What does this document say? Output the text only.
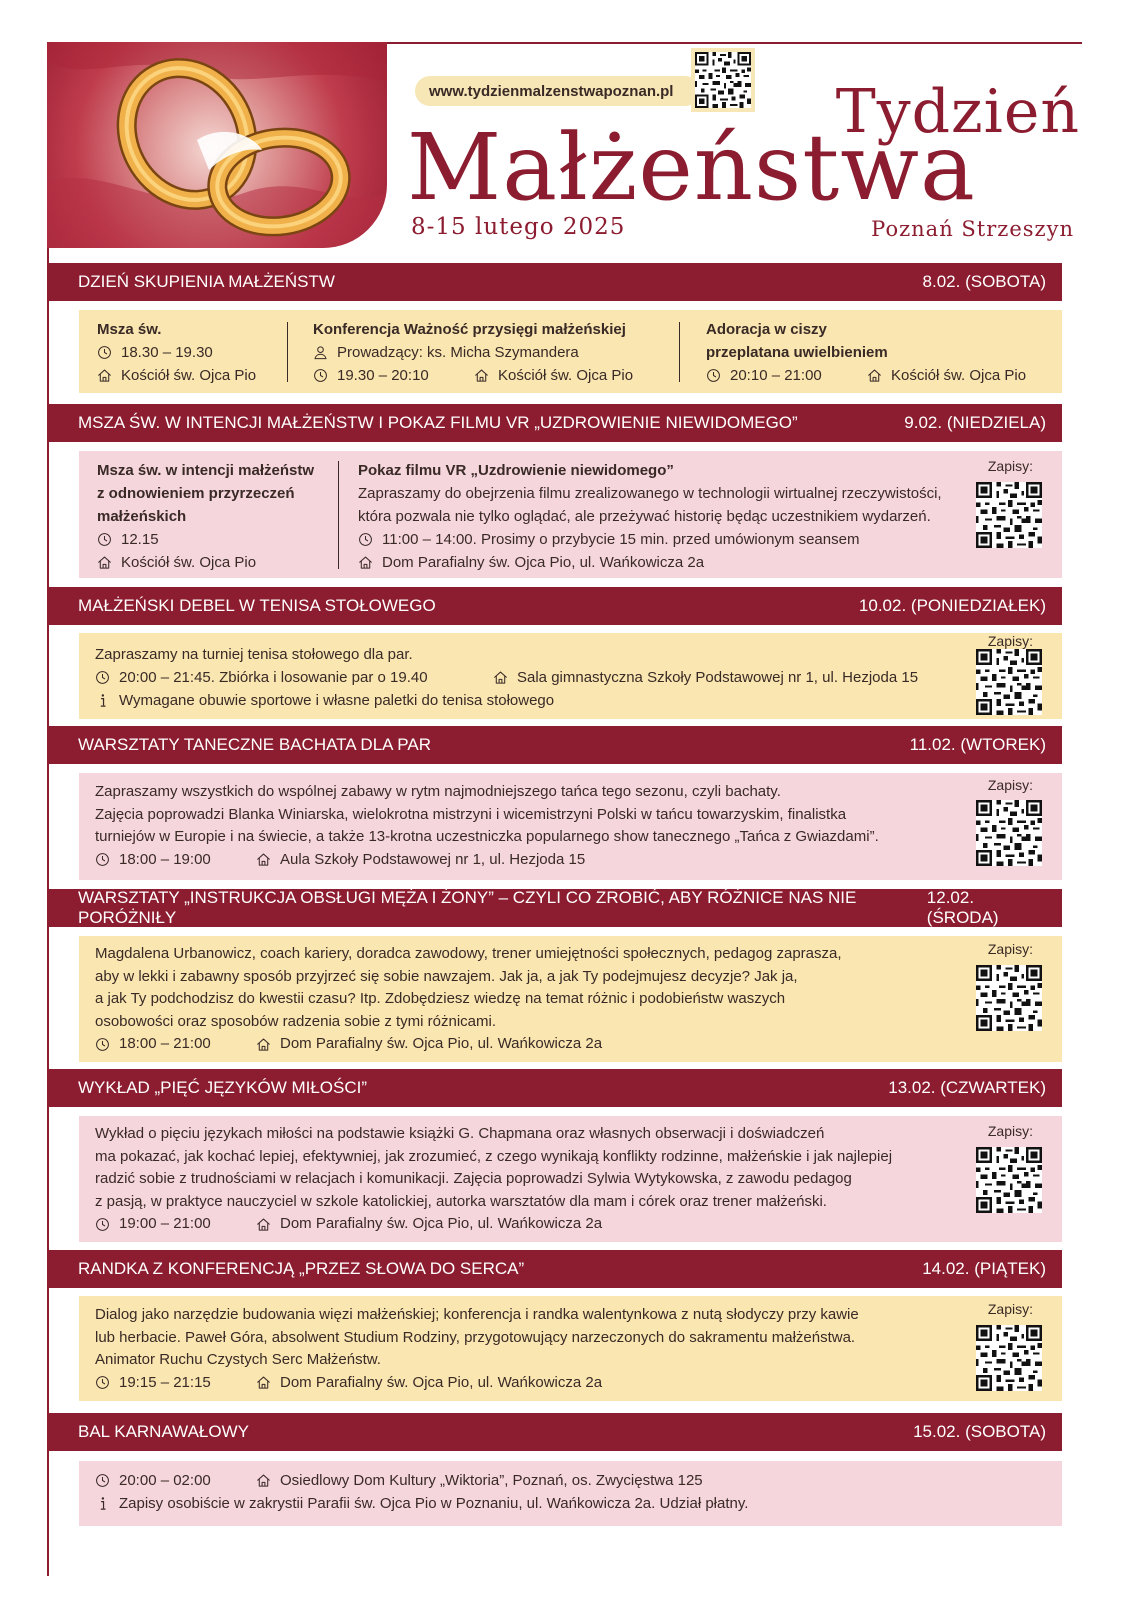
www.tydzienmalzenstwapoznan.pl	Tydzień
Małżeństwa
8-15 lutego 2025	Poznań Strzeszyn
DZIEŃ SKUPIENIA MAŁŻEŃSTW	8.02. (SOBOTA)
Msza św.
18.30 – 19.30
Kościół św. Ojca Pio
Konferencja Ważność przysięgi małżeńskiej
Prowadzący: ks. Micha Szymandera
19.30 – 20:10	Kościół św. Ojca Pio
Adoracja w ciszy
przeplatana uwielbieniem
20:10 – 21:00	Kościół św. Ojca Pio
MSZA ŚW. W INTENCJI MAŁŻEŃSTW I POKAZ FILMU VR „UZDROWIENIE NIEWIDOMEGO”	9.02. (NIEDZIELA)
Msza św. w intencji małżeństw
z odnowieniem przyrzeczeń
małżeńskich
12.15
Kościół św. Ojca Pio
Pokaz filmu VR „Uzdrowienie niewidomego”
Zapraszamy do obejrzenia filmu zrealizowanego w technologii wirtualnej rzeczywistości,
która pozwala nie tylko oglądać, ale przeżywać historię będąc uczestnikiem wydarzeń.
11:00 – 14:00. Prosimy o przybycie 15 min. przed umówionym seansem
Dom Parafialny św. Ojca Pio, ul. Wańkowicza 2a
Zapisy:
MAŁŻEŃSKI DEBEL W TENISA STOŁOWEGO	10.02. (PONIEDZIAŁEK)
Zapraszamy na turniej tenisa stołowego dla par.
20:00 – 21:45. Zbiórka i losowanie par o 19.40	Sala gimnastyczna Szkoły Podstawowej nr 1, ul. Hezjoda 15
Wymagane obuwie sportowe i własne paletki do tenisa stołowego
Zapisy:
WARSZTATY TANECZNE BACHATA DLA PAR	11.02. (WTOREK)
Zapraszamy wszystkich do wspólnej zabawy w rytm najmodniejszego tańca tego sezonu, czyli bachaty.
Zajęcia poprowadzi Blanka Winiarska, wielokrotna mistrzyni i wicemistrzyni Polski w tańcu towarzyskim, finalistka
turniejów w Europie i na świecie, a także 13-krotna uczestniczka popularnego show tanecznego „Tańca z Gwiazdami”.
18:00 – 19:00	Aula Szkoły Podstawowej nr 1, ul. Hezjoda 15
Zapisy:
WARSZTATY „INSTRUKCJA OBSŁUGI MĘŻA I ŻONY” – CZYLI CO ZROBIĆ, ABY RÓŻNICE NAS NIE PORÓŻNIŁY
12.02. (ŚRODA)
Magdalena Urbanowicz, coach kariery, doradca zawodowy, trener umiejętności społecznych, pedagog zaprasza,
aby w lekki i zabawny sposób przyjrzeć się sobie nawzajem. Jak ja, a jak Ty podejmujesz decyzje? Jak ja,
a jak Ty podchodzisz do kwestii czasu? Itp. Zdobędziesz wiedzę na temat różnic i podobieństw waszych
osobowości oraz sposobów radzenia sobie z tymi różnicami.
18:00 – 21:00	Dom Parafialny św. Ojca Pio, ul. Wańkowicza 2a
Zapisy:
WYKŁAD „PIĘĆ JĘZYKÓW MIŁOŚCI”	13.02. (CZWARTEK)
Wykład o pięciu językach miłości na podstawie książki G. Chapmana oraz własnych obserwacji i doświadczeń
ma pokazać, jak kochać lepiej, efektywniej, jak zrozumieć, z czego wynikają konflikty rodzinne, małżeńskie i jak najlepiej
radzić sobie z trudnościami w relacjach i komunikacji. Zajęcia poprowadzi Sylwia Wytykowska, z zawodu pedagog
z pasją, w praktyce nauczyciel w szkole katolickiej, autorka warsztatów dla mam i córek oraz trener małżeński.
19:00 – 21:00	Dom Parafialny św. Ojca Pio, ul. Wańkowicza 2a
Zapisy:
RANDKA Z KONFERENCJĄ „PRZEZ SŁOWA DO SERCA”	14.02. (PIĄTEK)
Dialog jako narzędzie budowania więzi małżeńskiej; konferencja i randka walentynkowa z nutą słodyczy przy kawie
lub herbacie. Paweł Góra, absolwent Studium Rodziny, przygotowujący narzeczonych do sakramentu małżeństwa.
Animator Ruchu Czystych Serc Małżeństw.
19:15 – 21:15	Dom Parafialny św. Ojca Pio, ul. Wańkowicza 2a
Zapisy:
BAL KARNAWAŁOWY	15.02. (SOBOTA)
20:00 – 02:00	Osiedlowy Dom Kultury „Wiktoria”, Poznań, os. Zwycięstwa 125
Zapisy osobiście w zakrystii Parafii św. Ojca Pio w Poznaniu, ul. Wańkowicza 2a. Udział płatny.
